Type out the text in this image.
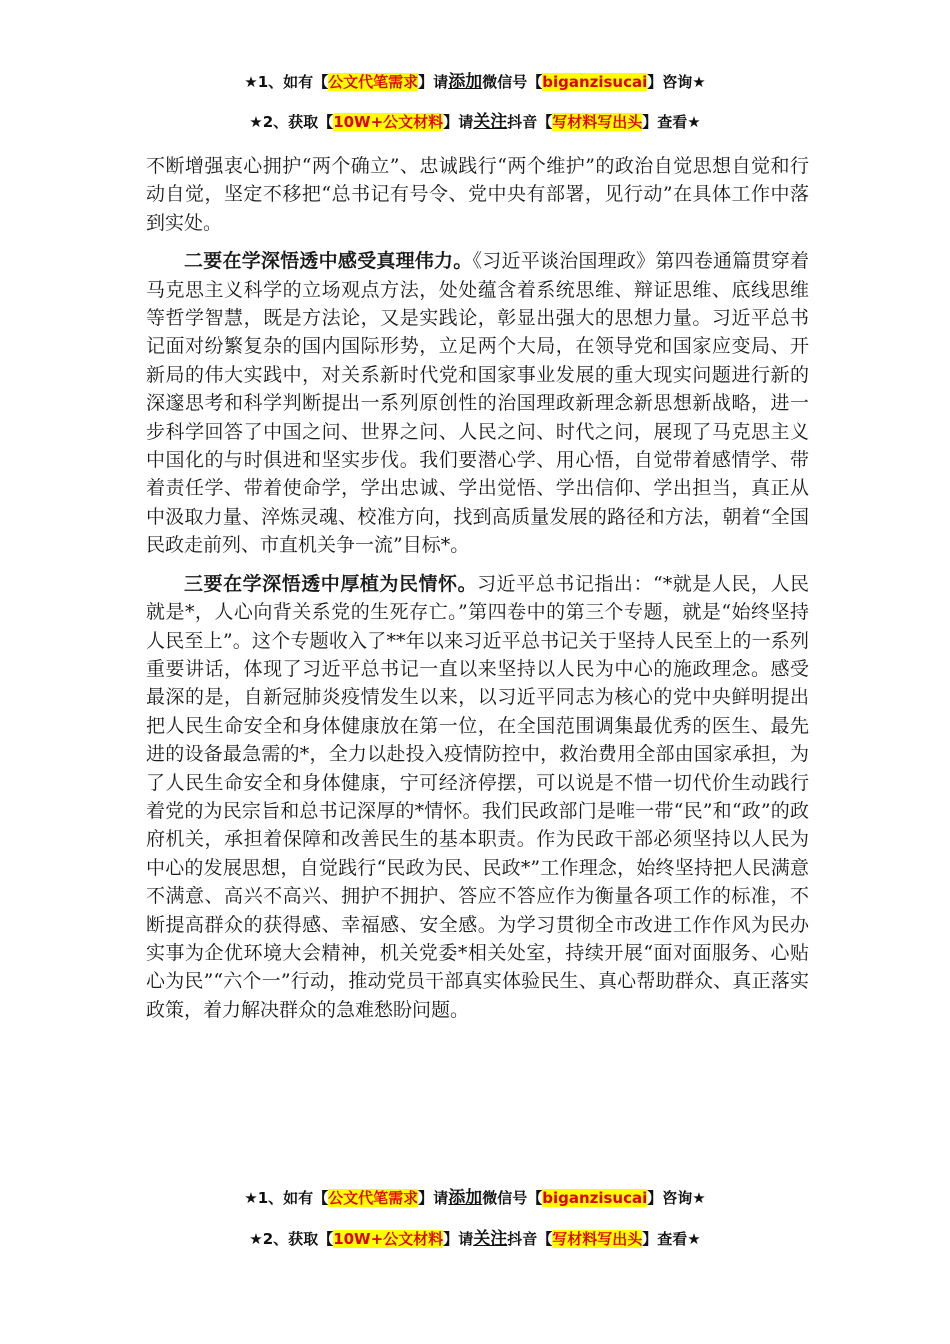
★1、如有【公文代笔需求】请添加微信号【biganzisucai】咨询★
★2、获取【10W+公文材料】请关注抖音【写材料写出头】查看★

不断增强衷心拥护“两个确立”、忠诚践行“两个维护”的政治自觉思想自觉和行动自觉，坚定不移把“总书记有号令、党中央有部署，见行动”在具体工作中落到实处。

二要在学深悟透中感受真理伟力。《习近平谈治国理政》第四卷通篇贯穿着马克思主义科学的立场观点方法，处处蕴含着系统思维、辩证思维、底线思维等哲学智慧，既是方法论，又是实践论，彰显出强大的思想力量。习近平总书记面对纷繁复杂的国内国际形势，立足两个大局，在领导党和国家应变局、开新局的伟大实践中，对关系新时代党和国家事业发展的重大现实问题进行新的深邃思考和科学判断提出一系列原创性的治国理政新理念新思想新战略，进一步科学回答了中国之问、世界之问、人民之问、时代之问，展现了马克思主义中国化的与时俱进和坚实步伐。我们要潜心学、用心悟，自觉带着感情学、带着责任学、带着使命学，学出忠诚、学出觉悟、学出信仰、学出担当，真正从中汲取力量、淬炼灵魂、校准方向，找到高质量发展的路径和方法，朝着“全国民政走前列、市直机关争一流”目标*。

三要在学深悟透中厚植为民情怀。习近平总书记指出：“*就是人民，人民就是*，人心向背关系党的生死存亡。”第四卷中的第三个专题，就是“始终坚持人民至上”。这个专题收入了**年以来习近平总书记关于坚持人民至上的一系列重要讲话，体现了习近平总书记一直以来坚持以人民为中心的施政理念。感受最深的是，自新冠肺炎疫情发生以来，以习近平同志为核心的党中央鲜明提出把人民生命安全和身体健康放在第一位，在全国范围调集最优秀的医生、最先进的设备最急需的*，全力以赴投入疫情防控中，救治费用全部由国家承担，为了人民生命安全和身体健康，宁可经济停摆，可以说是不惜一切代价生动践行着党的为民宗旨和总书记深厚的*情怀。我们民政部门是唯一带“民”和“政”的政府机关，承担着保障和改善民生的基本职责。作为民政干部必须坚持以人民为中心的发展思想，自觉践行“民政为民、民政*”工作理念，始终坚持把人民满意不满意、高兴不高兴、拥护不拥护、答应不答应作为衡量各项工作的标准，不断提高群众的获得感、幸福感、安全感。为学习贯彻全市改进工作作风为民办实事为企优环境大会精神，机关党委*相关处室，持续开展“面对面服务、心贴心为民”“六个一”行动，推动党员干部真实体验民生、真心帮助群众、真正落实政策，着力解决群众的急难愁盼问题。

★1、如有【公文代笔需求】请添加微信号【biganzisucai】咨询★
★2、获取【10W+公文材料】请关注抖音【写材料写出头】查看★
